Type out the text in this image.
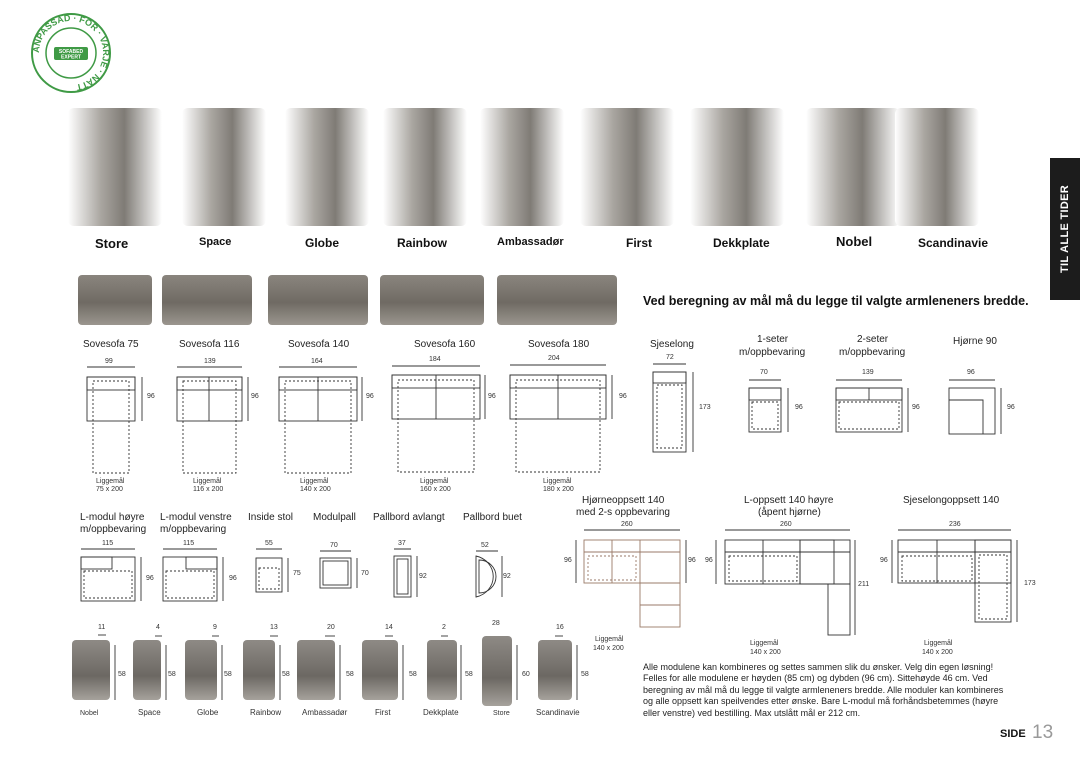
ANPASSAD · FÖR · VARJE · NATT
SOFABED
EXPERT
TIL ALLE TIDER
Store	Space	Globe	Rainbow	Ambassadør	First	Dekkplate	Nobel	Scandinavie
Ved beregning av mål må du legge til valgte armleneners bredde.
Sovesofa 75	Sovesofa 116	Sovesofa 140	Sovesofa 160	Sovesofa 180
99	139	164	184	204
96	96	96	96	96
Liggemål
75 x 200
Liggemål
116 x 200
Liggemål
140 x 200
Liggemål
160 x 200
Liggemål
180 x 200
Sjeselong	1-seter
m/oppbevaring
2-seter
m/oppbevaring
Hjørne 90
72
173
70
96
139
96
96
96
L-modul høyre
m/oppbevaring
L-modul venstre
m/oppbevaring
Inside stol Modulpall Pallbord avlangt Pallbord buet
115
96
115
96
55
75
70
70
37
92
52
92
Hjørneoppsett 140
med 2-s oppbevaring
L-oppsett 140 høyre
(åpent hjørne)
Sjeselongoppsett 140
260
96	96
Liggemål
140 x 200
260
96
211
Liggemål
140 x 200
236
96
173
Liggemål
140 x 200
11	4	9	13	20	14	2
28
16
58	58	58	58	58	58	58	60	58
Nobel	Space	Globe	Rainbow	Ambassadør	First	Dekkplate	Store	Scandinavie
Alle modulene kan kombineres og settes sammen slik du ønsker. Velg din egen løsning! Felles for alle modulene er høyden (85 cm) og dybden (96 cm). Sittehøyde 46 cm. Ved beregning av mål må du legge til valgte armleneners bredde. Alle moduler kan kombineres og alle oppsett kan speilvendes etter ønske. Bare L-modul må forhåndsbetemmes (høyre eller venstre) ved bestilling. Max utslått mål er 212 cm.
SIDE 13
